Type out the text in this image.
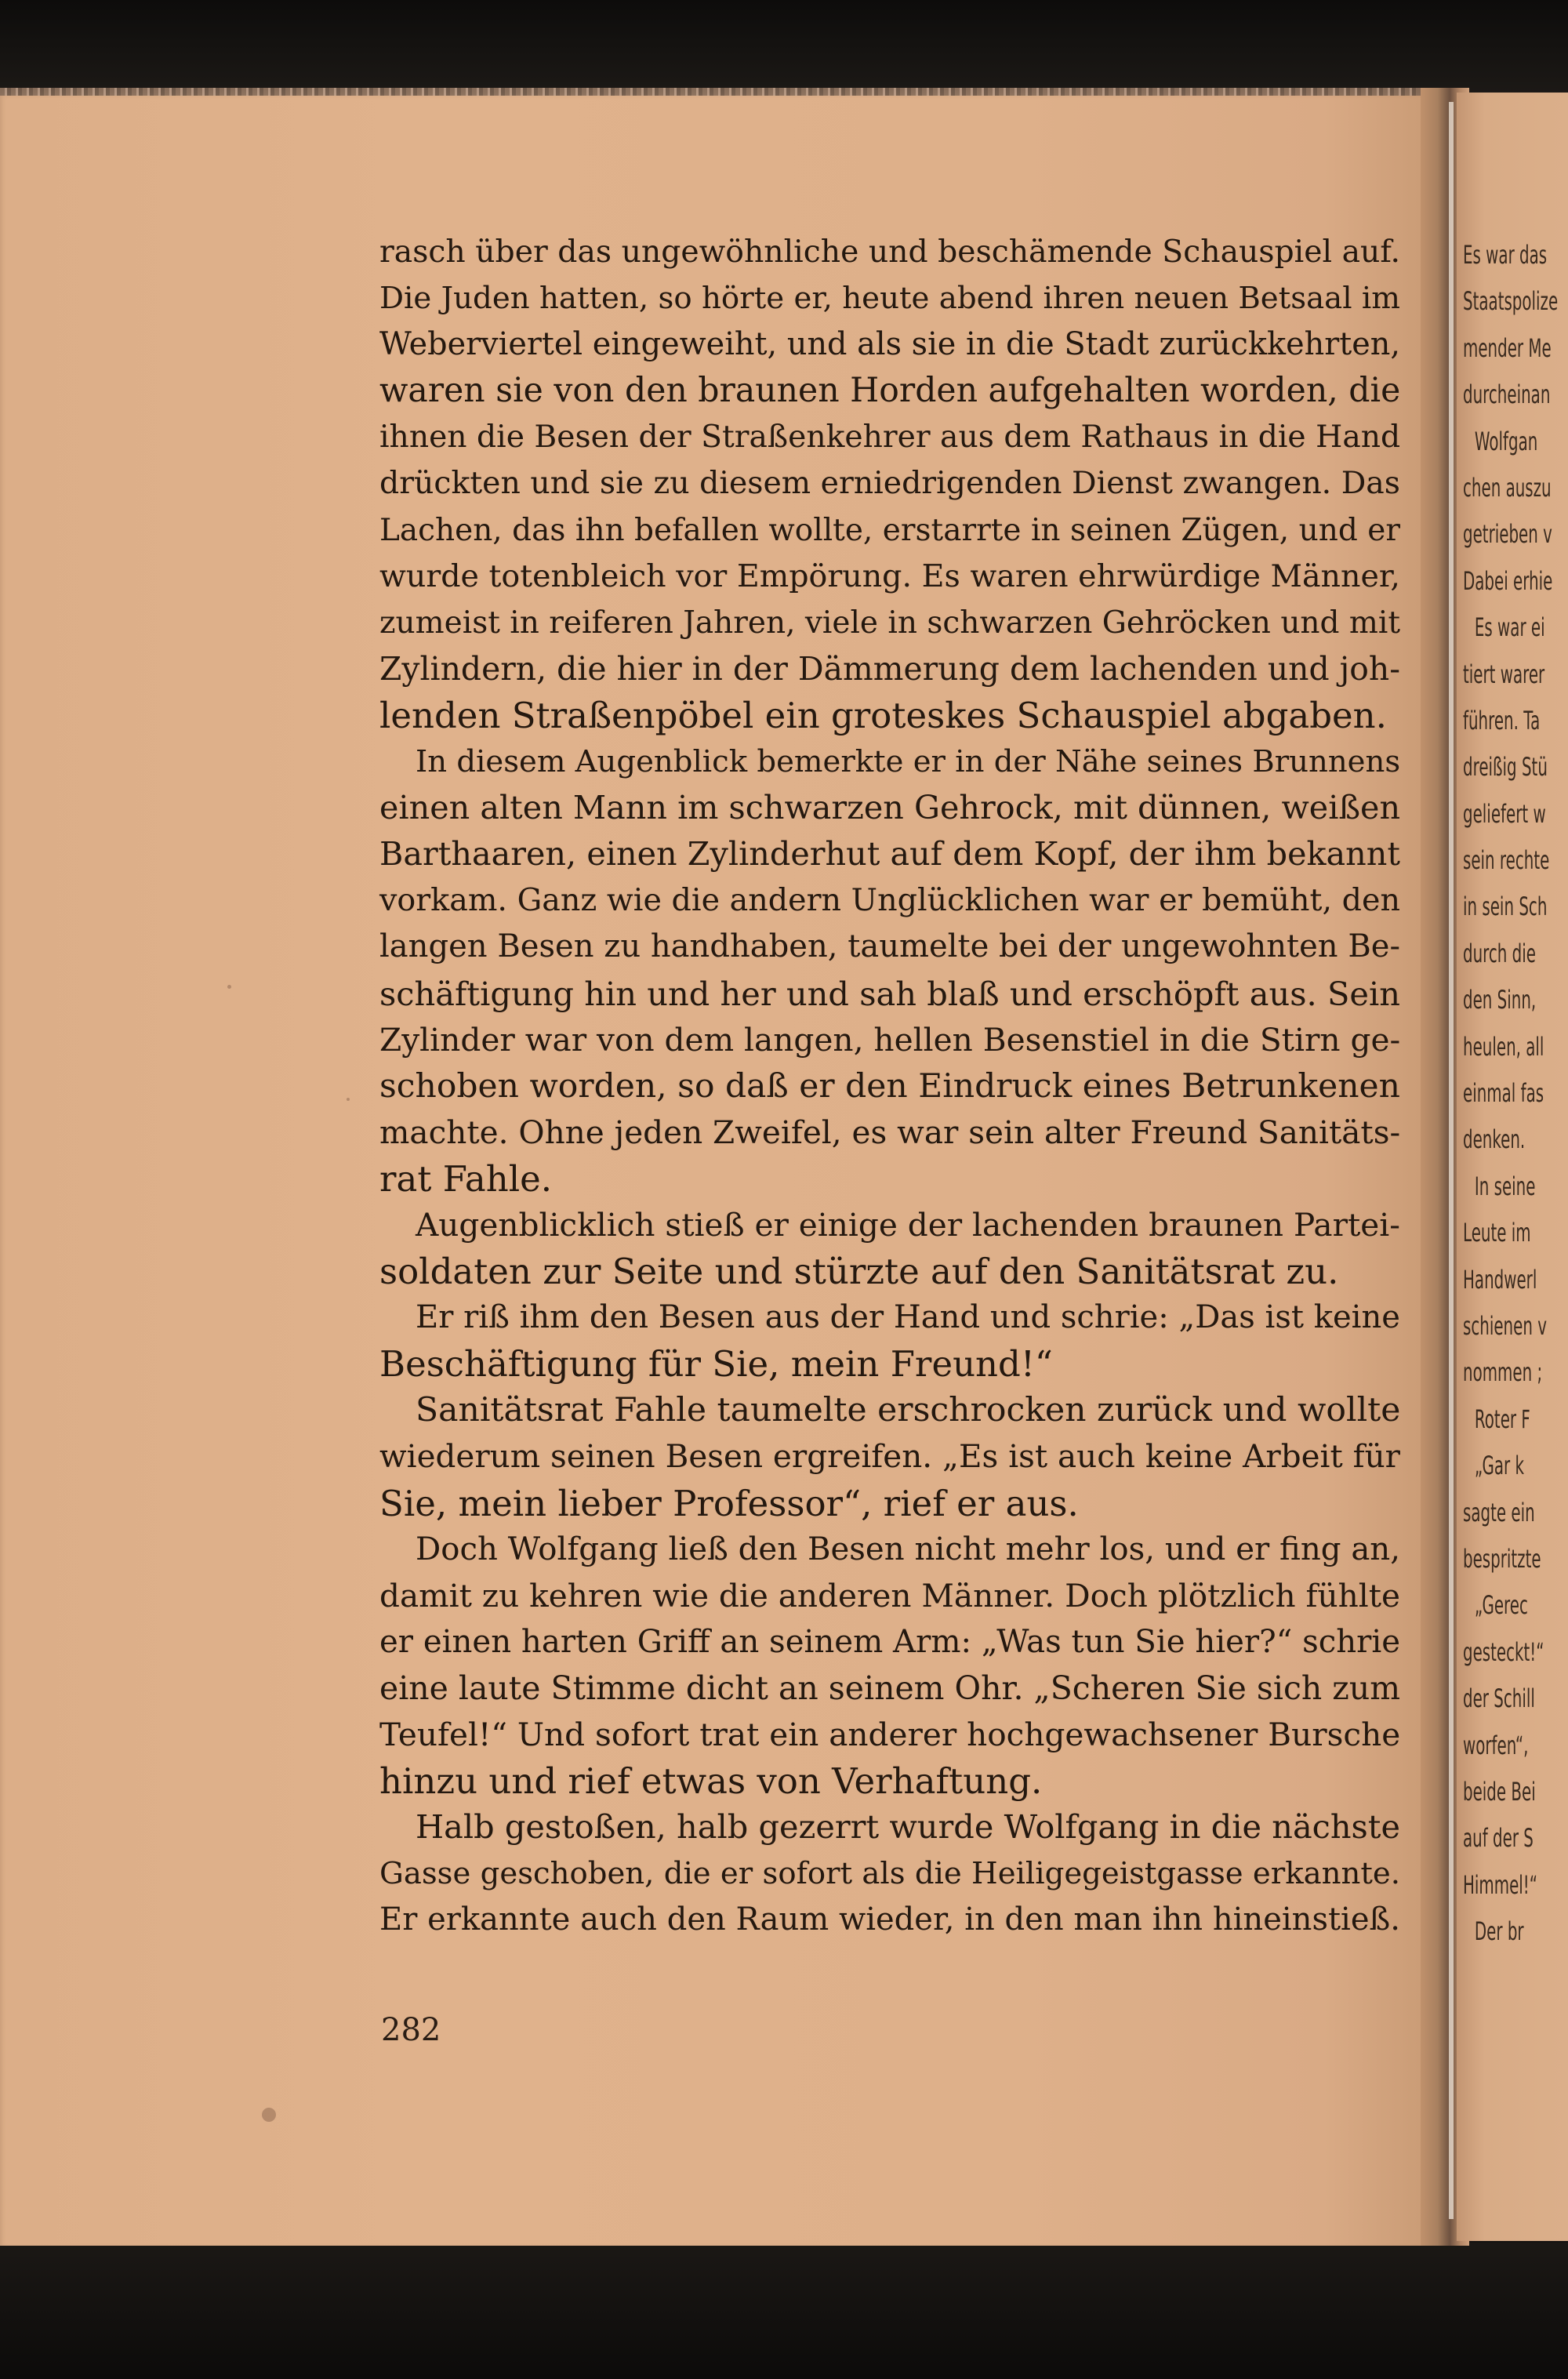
rasch über das ungewöhnliche und beschämende Schauspiel auf.
Die Juden hatten, so hörte er, heute abend ihren neuen Betsaal im
Weberviertel eingeweiht, und als sie in die Stadt zurückkehrten,
waren sie von den braunen Horden aufgehalten worden, die
ihnen die Besen der Straßenkehrer aus dem Rathaus in die Hand
drückten und sie zu diesem erniedrigenden Dienst zwangen. Das
Lachen, das ihn befallen wollte, erstarrte in seinen Zügen, und er
wurde totenbleich vor Empörung. Es waren ehrwürdige Männer,
zumeist in reiferen Jahren, viele in schwarzen Gehröcken und mit
Zylindern, die hier in der Dämmerung dem lachenden und joh-
lenden Straßenpöbel ein groteskes Schauspiel abgaben.
In diesem Augenblick bemerkte er in der Nähe seines Brunnens
einen alten Mann im schwarzen Gehrock, mit dünnen, weißen
Barthaaren, einen Zylinderhut auf dem Kopf, der ihm bekannt
vorkam. Ganz wie die andern Unglücklichen war er bemüht, den
langen Besen zu handhaben, taumelte bei der ungewohnten Be-
schäftigung hin und her und sah blaß und erschöpft aus. Sein
Zylinder war von dem langen, hellen Besenstiel in die Stirn ge-
schoben worden, so daß er den Eindruck eines Betrunkenen
machte. Ohne jeden Zweifel, es war sein alter Freund Sanitäts-
rat Fahle.
Augenblicklich stieß er einige der lachenden braunen Partei-
soldaten zur Seite und stürzte auf den Sanitätsrat zu.
Er riß ihm den Besen aus der Hand und schrie: „Das ist keine
Beschäftigung für Sie, mein Freund!“
Sanitätsrat Fahle taumelte erschrocken zurück und wollte
wiederum seinen Besen ergreifen. „Es ist auch keine Arbeit für
Sie, mein lieber Professor“, rief er aus.
Doch Wolfgang ließ den Besen nicht mehr los, und er fing an,
damit zu kehren wie die anderen Männer. Doch plötzlich fühlte
er einen harten Griff an seinem Arm: „Was tun Sie hier?“ schrie
eine laute Stimme dicht an seinem Ohr. „Scheren Sie sich zum
Teufel!“ Und sofort trat ein anderer hochgewachsener Bursche
hinzu und rief etwas von Verhaftung.
Halb gestoßen, halb gezerrt wurde Wolfgang in die nächste
Gasse geschoben, die er sofort als die Heiligegeistgasse erkannte.
Er erkannte auch den Raum wieder, in den man ihn hineinstieß.
282
Es war das
Staatspolize
mender Me
durcheinan
Wolfgan
chen auszu
getrieben v
Dabei erhie
Es war ei
tiert warer
führen. Ta
dreißig Stü
geliefert w
sein rechte
in sein Sch
durch die
den Sinn,
heulen, all
einmal fas
denken.
In seine
Leute im
Handwerl
schienen v
nommen ;
Roter F
„Gar k
sagte ein
bespritzte
„Gerec
gesteckt!“
der Schill
worfen“,
beide Bei
auf der S
Himmel!“
Der br
